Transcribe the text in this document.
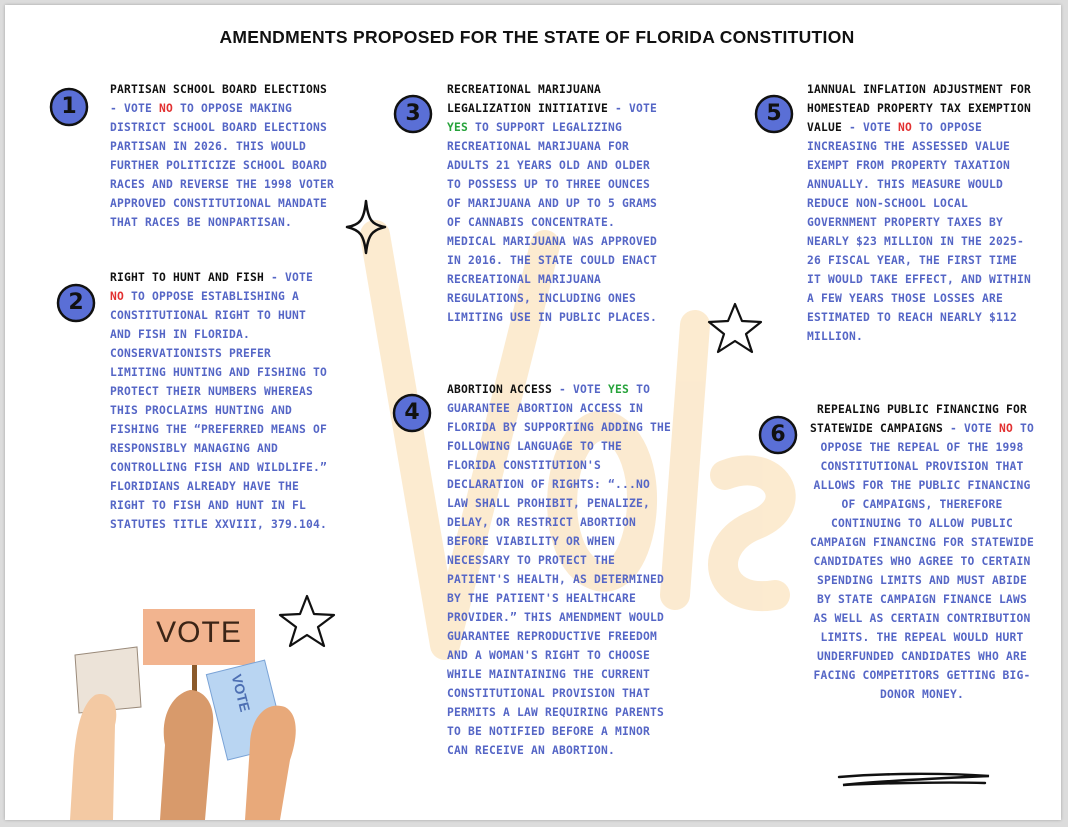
AMENDMENTS PROPOSED FOR THE STATE OF FLORIDA CONSTITUTION
1
2
3
4
5
6
PARTISAN SCHOOL BOARD ELECTIONS - VOTE NO TO OPPOSE MAKING DISTRICT SCHOOL BOARD ELECTIONS PARTISAN IN 2026. THIS WOULD FURTHER POLITICIZE SCHOOL BOARD RACES AND REVERSE THE 1998 VOTER APPROVED CONSTITUTIONAL MANDATE THAT RACES BE NONPARTISAN.
RIGHT TO HUNT AND FISH - VOTE NO TO OPPOSE ESTABLISHING A CONSTITUTIONAL RIGHT TO HUNT AND FISH IN FLORIDA. CONSERVATIONISTS PREFER LIMITING HUNTING AND FISHING TO PROTECT THEIR NUMBERS WHEREAS THIS PROCLAIMS HUNTING AND FISHING THE “PREFERRED MEANS OF RESPONSIBLY MANAGING AND CONTROLLING FISH AND WILDLIFE.” FLORIDIANS ALREADY HAVE THE RIGHT TO FISH AND HUNT IN FL STATUTES TITLE XXVIII, 379.104.
RECREATIONAL MARIJUANA LEGALIZATION INITIATIVE - VOTE YES TO SUPPORT LEGALIZING RECREATIONAL MARIJUANA FOR ADULTS 21 YEARS OLD AND OLDER TO POSSESS UP TO THREE OUNCES OF MARIJUANA AND UP TO 5 GRAMS OF CANNABIS CONCENTRATE. MEDICAL MARIJUANA WAS APPROVED IN 2016. THE STATE COULD ENACT RECREATIONAL MARIJUANA REGULATIONS, INCLUDING ONES LIMITING USE IN PUBLIC PLACES.
ABORTION ACCESS - VOTE YES TO GUARANTEE ABORTION ACCESS IN FLORIDA BY SUPPORTING ADDING THE FOLLOWING LANGUAGE TO THE FLORIDA CONSTITUTION'S DECLARATION OF RIGHTS: “...NO LAW SHALL PROHIBIT, PENALIZE, DELAY, OR RESTRICT ABORTION BEFORE VIABILITY OR WHEN NECESSARY TO PROTECT THE PATIENT'S HEALTH, AS DETERMINED BY THE PATIENT'S HEALTHCARE PROVIDER.” THIS AMENDMENT WOULD GUARANTEE REPRODUCTIVE FREEDOM AND A WOMAN'S RIGHT TO CHOOSE WHILE MAINTAINING THE CURRENT CONSTITUTIONAL PROVISION THAT PERMITS A LAW REQUIRING PARENTS TO BE NOTIFIED BEFORE A MINOR CAN RECEIVE AN ABORTION.
1ANNUAL INFLATION ADJUSTMENT FOR HOMESTEAD PROPERTY TAX EXEMPTION VALUE - VOTE NO TO OPPOSE INCREASING THE ASSESSED VALUE EXEMPT FROM PROPERTY TAXATION ANNUALLY. THIS MEASURE WOULD REDUCE NON-SCHOOL LOCAL GOVERNMENT PROPERTY TAXES BY NEARLY $23 MILLION IN THE 2025-26 FISCAL YEAR, THE FIRST TIME IT WOULD TAKE EFFECT, AND WITHIN A FEW YEARS THOSE LOSSES ARE ESTIMATED TO REACH NEARLY $112 MILLION.
REPEALING PUBLIC FINANCING FOR STATEWIDE CAMPAIGNS - VOTE NO TO OPPOSE THE REPEAL OF THE 1998 CONSTITUTIONAL PROVISION THAT ALLOWS FOR THE PUBLIC FINANCING OF CAMPAIGNS, THEREFORE CONTINUING TO ALLOW PUBLIC CAMPAIGN FINANCING FOR STATEWIDE CANDIDATES WHO AGREE TO CERTAIN SPENDING LIMITS AND MUST ABIDE BY STATE CAMPAIGN FINANCE LAWS AS WELL AS CERTAIN CONTRIBUTION LIMITS. THE REPEAL WOULD HURT UNDERFUNDED CANDIDATES WHO ARE FACING COMPETITORS GETTING BIG-DONOR MONEY.
VOTE
VOTE
